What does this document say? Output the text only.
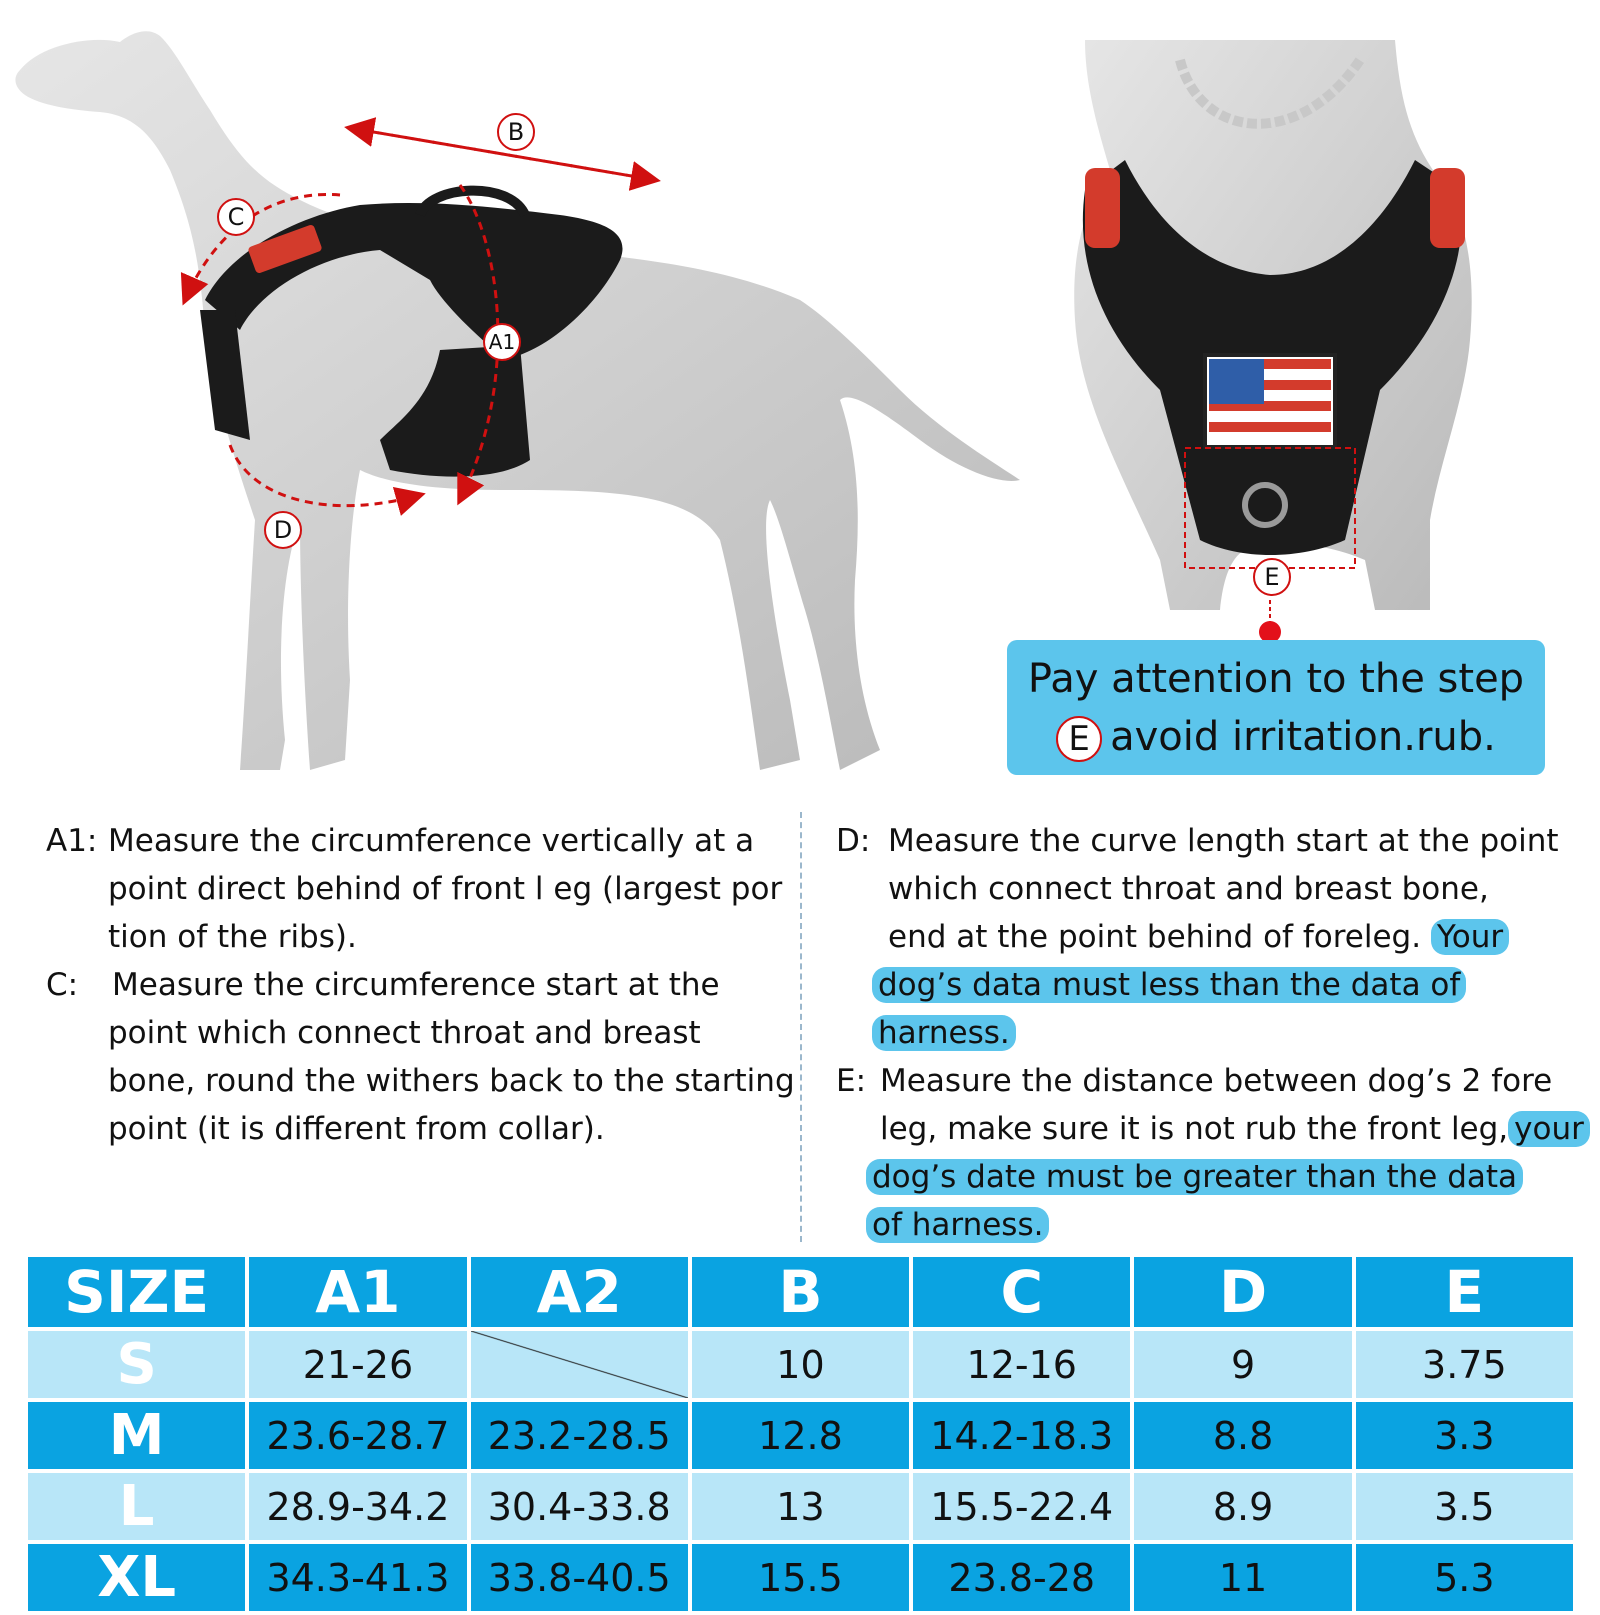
B
C
A1
D
E
Pay attention to the step
E avoid irritation.rub.
A1: Measure the circumference vertically at a
point direct behind of front l eg (largest por
tion of the ribs).
C: Measure the circumference start at the
point which connect throat and breast
bone, round the withers back to the starting
point (it is different from collar).
D: Measure the curve length start at the point
which connect throat and breast bone,
end at the point behind of foreleg. Your
dog’s data must less than the data of
harness.
E: Measure the distance between dog’s 2 fore
leg, make sure it is not rub the front leg, your
dog’s date must be greater than the data
of harness.
SIZE	A1	A2	B	C	D	E
S	21-26		10	12-16	9	3.75
M	23.6-28.7	23.2-28.5	12.8	14.2-18.3	8.8	3.3
L	28.9-34.2	30.4-33.8	13	15.5-22.4	8.9	3.5
XL	34.3-41.3	33.8-40.5	15.5	23.8-28	11	5.3
